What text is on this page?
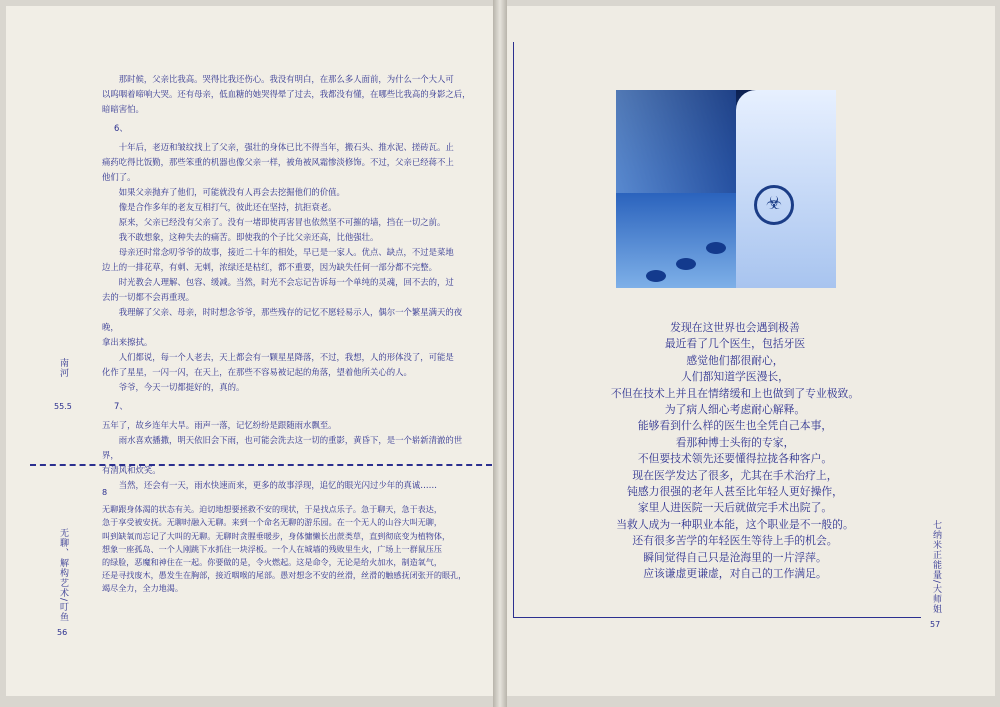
那时候，父亲比我高。哭得比我还伤心。我没有明白，在那么多人面前，为什么一个大人可

以呜咽着啼响大哭。还有母亲，低血糖的她哭得晕了过去，我都没有懂，在哪些比我高的身影之后，

暗暗害怕。

6、

十年后，老迈和皱纹找上了父亲，强壮的身体已比不得当年，搬石头、推水泥、搓砖瓦。止

痛药吃得比饭勤，那些笨重的机器也像父亲一样，被角被风霜惨淡修饰。不过，父亲已经蒋不上

他们了。

如果父亲抛弃了他们，可能就没有人再会去挖掘他们的价值。

像是合作多年的老友互相打气，彼此还在坚持，抗拒衰老。

原来，父亲已经没有父亲了。没有一堵即使再害冒也依然坚不可摧的墙，挡在一切之前。

我不敢想象，这种失去的痛苦。即使我的个子比父亲还高，比他强壮。

母亲还时常念叨爷爷的故事，接近二十年的相处，早已是一家人。优点、缺点，不过是菜地

边上的一排花草，有刺、无刺，浓绿还是枯红，都不重要，因为缺失任何一部分都不完整。

时光教会人理解、包容、缓减。当然，时光不会忘记告诉每一个单纯的灵魂，回不去的，过

去的一切都不会再重现。

我理解了父亲、母亲，时时想念爷爷，那些残存的记忆不愿轻易示人，偶尔一个繁星满天的夜晚，

拿出来擦拭。

人们都说，每一个人老去，天上都会有一颗星星降落，不过，我想，人的形体没了，可能是

化作了星星，一闪一闪，在天上，在那些不容易被记起的角落，望着他所关心的人。

爷爷，今天一切都挺好的，真的。

7、

五年了，故乡连年大旱。雨声一落，记忆纷纷是跟随雨水飘至。

雨水喜欢播撒，明天依旧会下雨，也可能会洗去这一切的重影，黄昏下，是一个崭新清澈的世界，

有清风和炊笑。

当然，还会有一天，雨水快速而来，更多的故事浮现，追忆的眼光闪过少年的真诚……

8

无聊跟身体渴的状态有关。迫切地想要拯救不安的现状，于是找点乐子。急于聊天，急于表达，

急于享受被安抚。无聊时融入无聊。来到一个命名无聊的游乐园。在一个无人的山谷大叫无聊，

叫到缺氧而忘记了大叫的无聊。无聊时贪腥垂暖步，身体慵懒长出蔗类草，直到彻底变为植物体，

想象一座孤岛、一个人刚跳下水抓住一块浮板。一个人在城墙的残败里生火，广场上一群鼠压压

的绿脸，恶魔和神住在一起。你要做的是，令火燃起。这是命令，无论是给火加水，制造氧气，

还是寻找废木，愚发生在胸部，接近咽喉的尾部。愚对想念不安的丝滑，丝滑的触感抚闭张开的眼孔，

竭尽全力，全力地渴。

南河
55.5
无聊、解构艺术/叮鱼
56
☣
发现在这世界也会遇到极善
最近看了几个医生，包括牙医
感觉他们都很耐心，
人们都知道学医漫长，
不但在技术上并且在情绪缓和上也做到了专业极致。
为了病人细心考虑耐心解释。
能够看到什么样的医生也全凭自己本事，
看那种博士头衔的专家，
不但要技术领先还要懂得拉拢各种客户。
现在医学发达了很多，尤其在手术治疗上，
钝感力很强的老年人甚至比年轻人更好操作，
家里人进医院一天后就做完手术出院了。
当救人成为一种职业本能，这个职业是不一般的。
还有很多苦学的年轻医生等待上手的机会。
瞬间觉得自己只是沧海里的一片浮萍。
应该谦虚更谦虚，对自己的工作满足。	七纳米正能量/大师姐
57
